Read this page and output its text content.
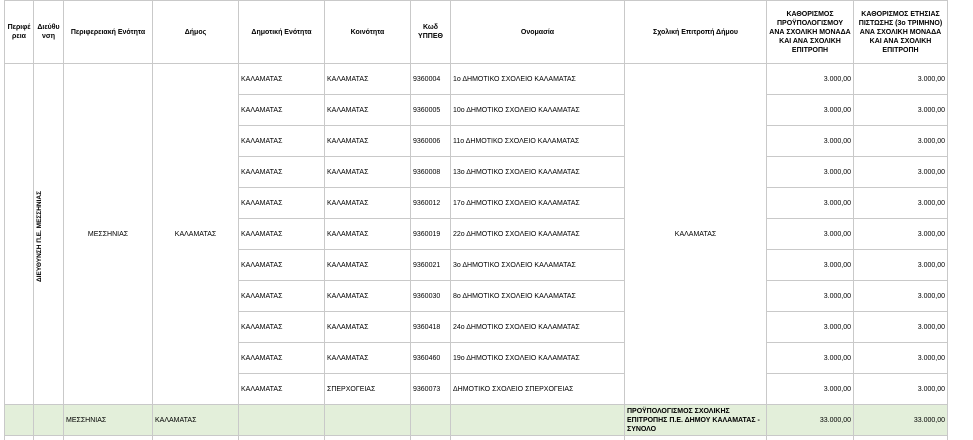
Περιφέ ρεια	Διεύθυ νση	Περιφερειακή Ενότητα	Δήμος	Δημοτική Ενότητα	Κοινότητα	Κωδ ΥΠΠΕΘ	Ονομασία	Σχολική Επιτροπή Δήμου	ΚΑΘΟΡΙΣΜΟΣ ΠΡΟΫΠΟΛΟΓΙΣΜΟΥ ΑΝΑ ΣΧΟΛΙΚΗ ΜΟΝΑΔΑ ΚΑΙ ΑΝΑ ΣΧΟΛΙΚΗ ΕΠΙΤΡΟΠΗ	ΚΑΘΟΡΙΣΜΟΣ ΕΤΗΣΙΑΣ ΠΙΣΤΩΣΗΣ (3ο ΤΡΙΜΗΝΟ) ΑΝΑ ΣΧΟΛΙΚΗ ΜΟΝΑΔΑ ΚΑΙ ΑΝΑ ΣΧΟΛΙΚΗ ΕΠΙΤΡΟΠΗ

	ΔΙΕΥΘΥΝΣΗ Π.Ε. ΜΕΣΣΗΝΙΑΣ	ΜΕΣΣΗΝΙΑΣ	ΚΑΛΑΜΑΤΑΣ	ΚΑΛΑΜΑΤΑΣ	ΚΑΛΑΜΑΤΑΣ	9360004	1ο ΔΗΜΟΤΙΚΟ ΣΧΟΛΕΙΟ ΚΑΛΑΜΑΤΑΣ	ΚΑΛΑΜΑΤΑΣ	3.000,00	3.000,00
				ΚΑΛΑΜΑΤΑΣ	ΚΑΛΑΜΑΤΑΣ	9360005	10ο ΔΗΜΟΤΙΚΟ ΣΧΟΛΕΙΟ ΚΑΛΑΜΑΤΑΣ		3.000,00	3.000,00
				ΚΑΛΑΜΑΤΑΣ	ΚΑΛΑΜΑΤΑΣ	9360006	11ο ΔΗΜΟΤΙΚΟ ΣΧΟΛΕΙΟ ΚΑΛΑΜΑΤΑΣ		3.000,00	3.000,00
				ΚΑΛΑΜΑΤΑΣ	ΚΑΛΑΜΑΤΑΣ	9360008	13ο ΔΗΜΟΤΙΚΟ ΣΧΟΛΕΙΟ ΚΑΛΑΜΑΤΑΣ		3.000,00	3.000,00
				ΚΑΛΑΜΑΤΑΣ	ΚΑΛΑΜΑΤΑΣ	9360012	17ο ΔΗΜΟΤΙΚΟ ΣΧΟΛΕΙΟ ΚΑΛΑΜΑΤΑΣ		3.000,00	3.000,00
				ΚΑΛΑΜΑΤΑΣ	ΚΑΛΑΜΑΤΑΣ	9360019	22ο ΔΗΜΟΤΙΚΟ ΣΧΟΛΕΙΟ ΚΑΛΑΜΑΤΑΣ		3.000,00	3.000,00
				ΚΑΛΑΜΑΤΑΣ	ΚΑΛΑΜΑΤΑΣ	9360021	3ο ΔΗΜΟΤΙΚΟ ΣΧΟΛΕΙΟ ΚΑΛΑΜΑΤΑΣ		3.000,00	3.000,00
				ΚΑΛΑΜΑΤΑΣ	ΚΑΛΑΜΑΤΑΣ	9360030	8ο ΔΗΜΟΤΙΚΟ ΣΧΟΛΕΙΟ ΚΑΛΑΜΑΤΑΣ		3.000,00	3.000,00
				ΚΑΛΑΜΑΤΑΣ	ΚΑΛΑΜΑΤΑΣ	9360418	24ο ΔΗΜΟΤΙΚΟ ΣΧΟΛΕΙΟ ΚΑΛΑΜΑΤΑΣ		3.000,00	3.000,00
				ΚΑΛΑΜΑΤΑΣ	ΚΑΛΑΜΑΤΑΣ	9360460	19ο ΔΗΜΟΤΙΚΟ ΣΧΟΛΕΙΟ ΚΑΛΑΜΑΤΑΣ		3.000,00	3.000,00
				ΚΑΛΑΜΑΤΑΣ	ΣΠΕΡΧΟΓΕΙΑΣ	9360073	ΔΗΜΟΤΙΚΟ ΣΧΟΛΕΙΟ ΣΠΕΡΧΟΓΕΙΑΣ		3.000,00	3.000,00
		ΜΕΣΣΗΝΙΑΣ	ΚΑΛΑΜΑΤΑΣ					ΠΡΟΫΠΟΛΟΓΙΣΜΟΣ ΣΧΟΛΙΚΗΣ ΕΠΙΤΡΟΠΗΣ Π.Ε. ΔΗΜΟΥ ΚΑΛΑΜΑΤΑΣ - ΣΥΝΟΛΟ	33.000,00	33.000,00
